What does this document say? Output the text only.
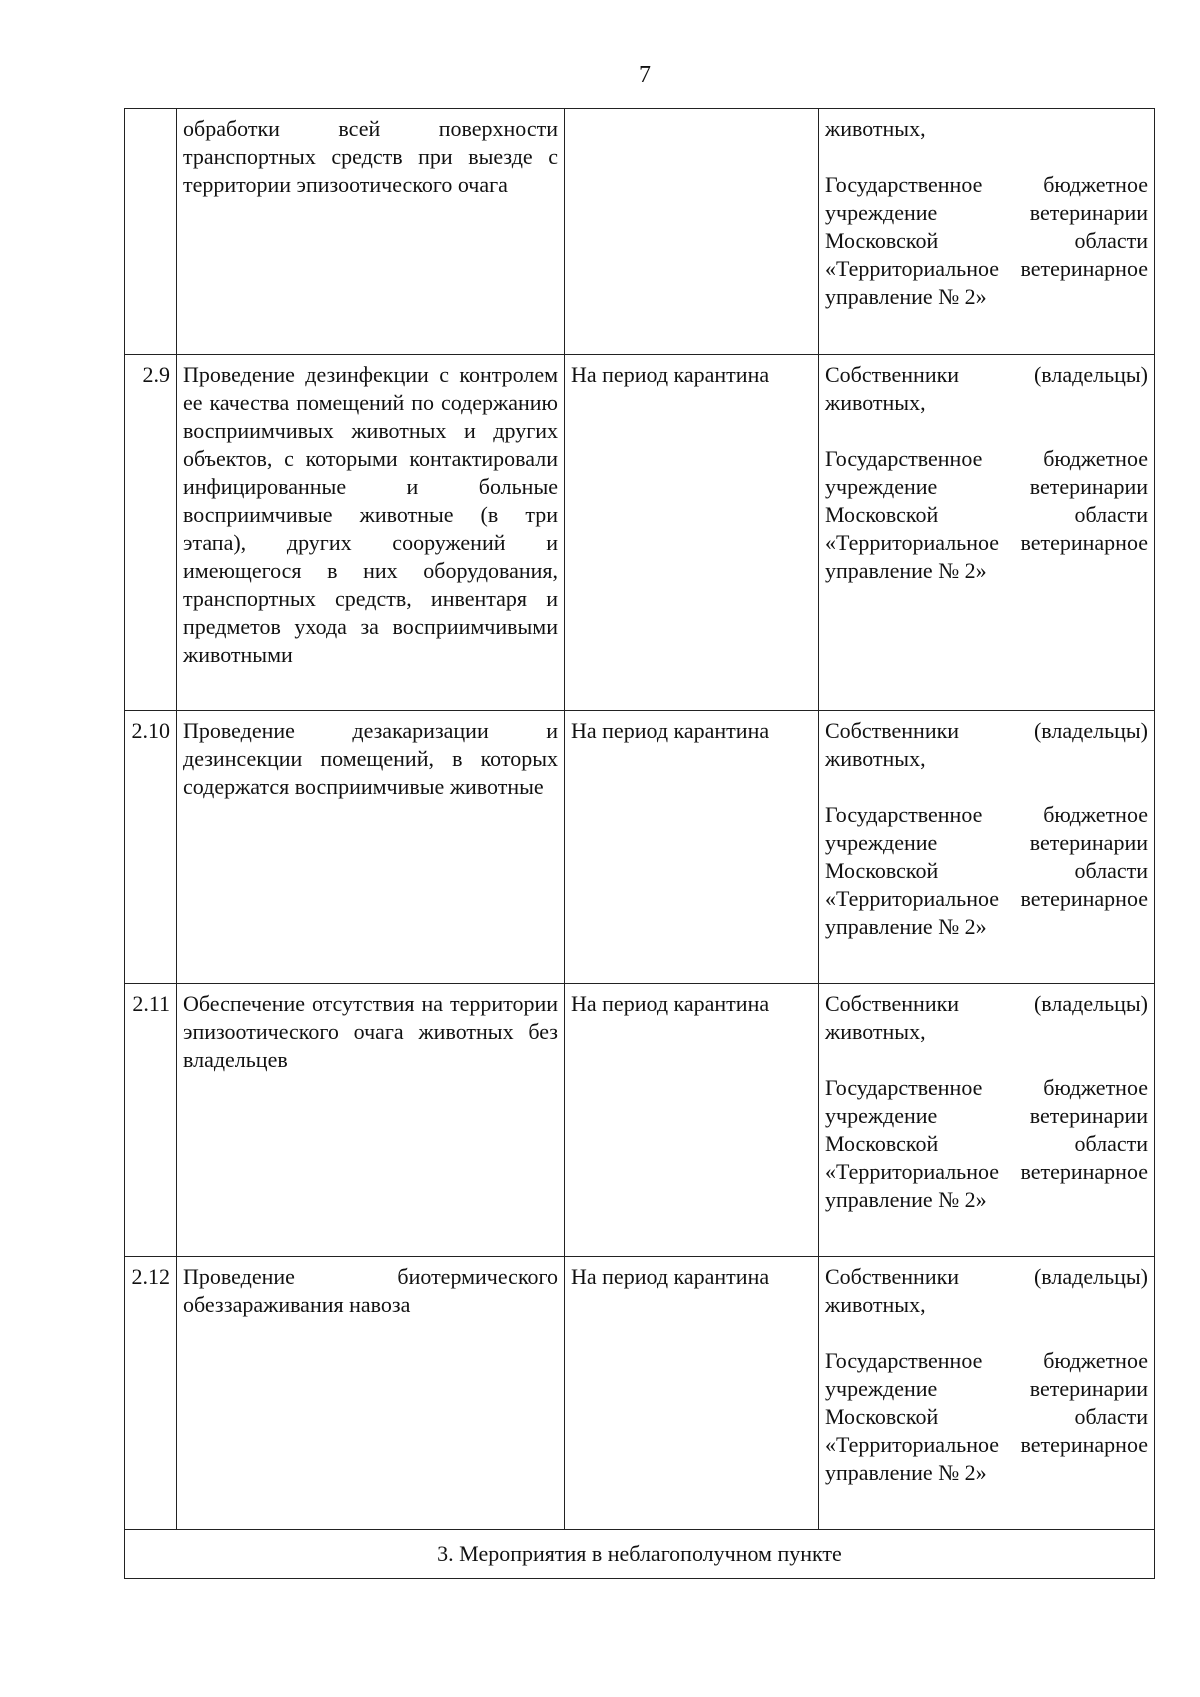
7
	обработки всей поверхности транспортных средств при выезде с территории эпизоотического очага		животных,

Государственное бюджетное учреждение ветеринарии Московской области «Территориальное ветеринарное управление № 2»

2.9	Проведение дезинфекции с контролем ее качества помещений по содержанию восприимчивых животных и других объектов, с которыми контактировали инфицированные и больные восприимчивые животные (в три этапа), других сооружений и имеющегося в них оборудования, транспортных средств, инвентаря и предметов ухода за восприимчивыми животными	На период карантина	Собственники (владельцы) животных,

Государственное бюджетное учреждение ветеринарии Московской области «Территориальное ветеринарное управление № 2»

2.10	Проведение дезакаризации и дезинсекции помещений, в которых содержатся восприимчивые животные	На период карантина	Собственники (владельцы) животных,

Государственное бюджетное учреждение ветеринарии Московской области «Территориальное ветеринарное управление № 2»

2.11	Обеспечение отсутствия на территории эпизоотического очага животных без владельцев	На период карантина	Собственники (владельцы) животных,

Государственное бюджетное учреждение ветеринарии Московской области «Территориальное ветеринарное управление № 2»

2.12	Проведение биотермического обеззараживания навоза	На период карантина	Собственники (владельцы) животных,

Государственное бюджетное учреждение ветеринарии Московской области «Территориальное ветеринарное управление № 2»

3. Мероприятия в неблагополучном пункте			
